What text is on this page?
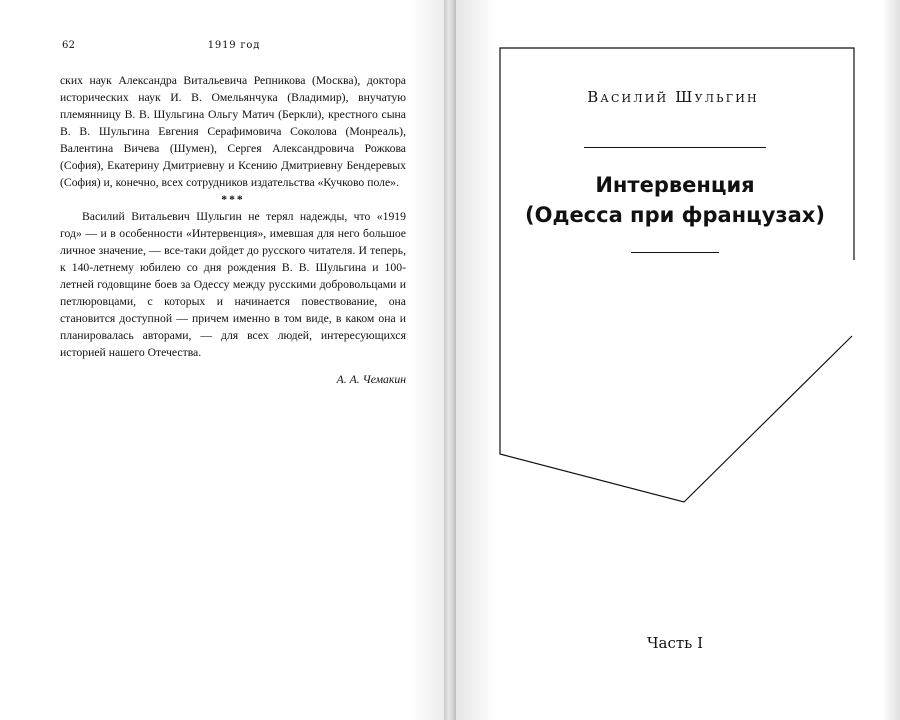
62	1919 год

ских наук Александра Витальевича Репникова (Москва), доктора исторических наук И. В. Омельянчука (Владимир), внучатую племянницу В. В. Шульгина Ольгу Матич (Беркли), крестного сына В. В. Шульгина Евгения Серафимовича Соколова (Монреаль), Валентина Вичева (Шумен), Сергея Александровича Рожкова (София), Екатерину Дмитриевну и Ксению Дмитриевну Бендеревых (София) и, конечно, всех сотрудников издательства «Кучково поле».

***

Василий Витальевич Шульгин не терял надежды, что «1919 год» — и в особенности «Интервенция», имевшая для него большое личное значение, — все-таки дойдет до русского читателя. И теперь, к 140-летнему юбилею со дня рождения В. В. Шульгина и 100-летней годовщине боев за Одессу между русскими добровольцами и петлюровцами, с которых и начинается повествование, она становится доступной — причем именно в том виде, в каком она и планировалась авторами, — для всех людей, интересующихся историей нашего Отечества.

А. А. Чемакин

Василий Шульгин
Интервенция
(Одесса при французах)
Часть I
